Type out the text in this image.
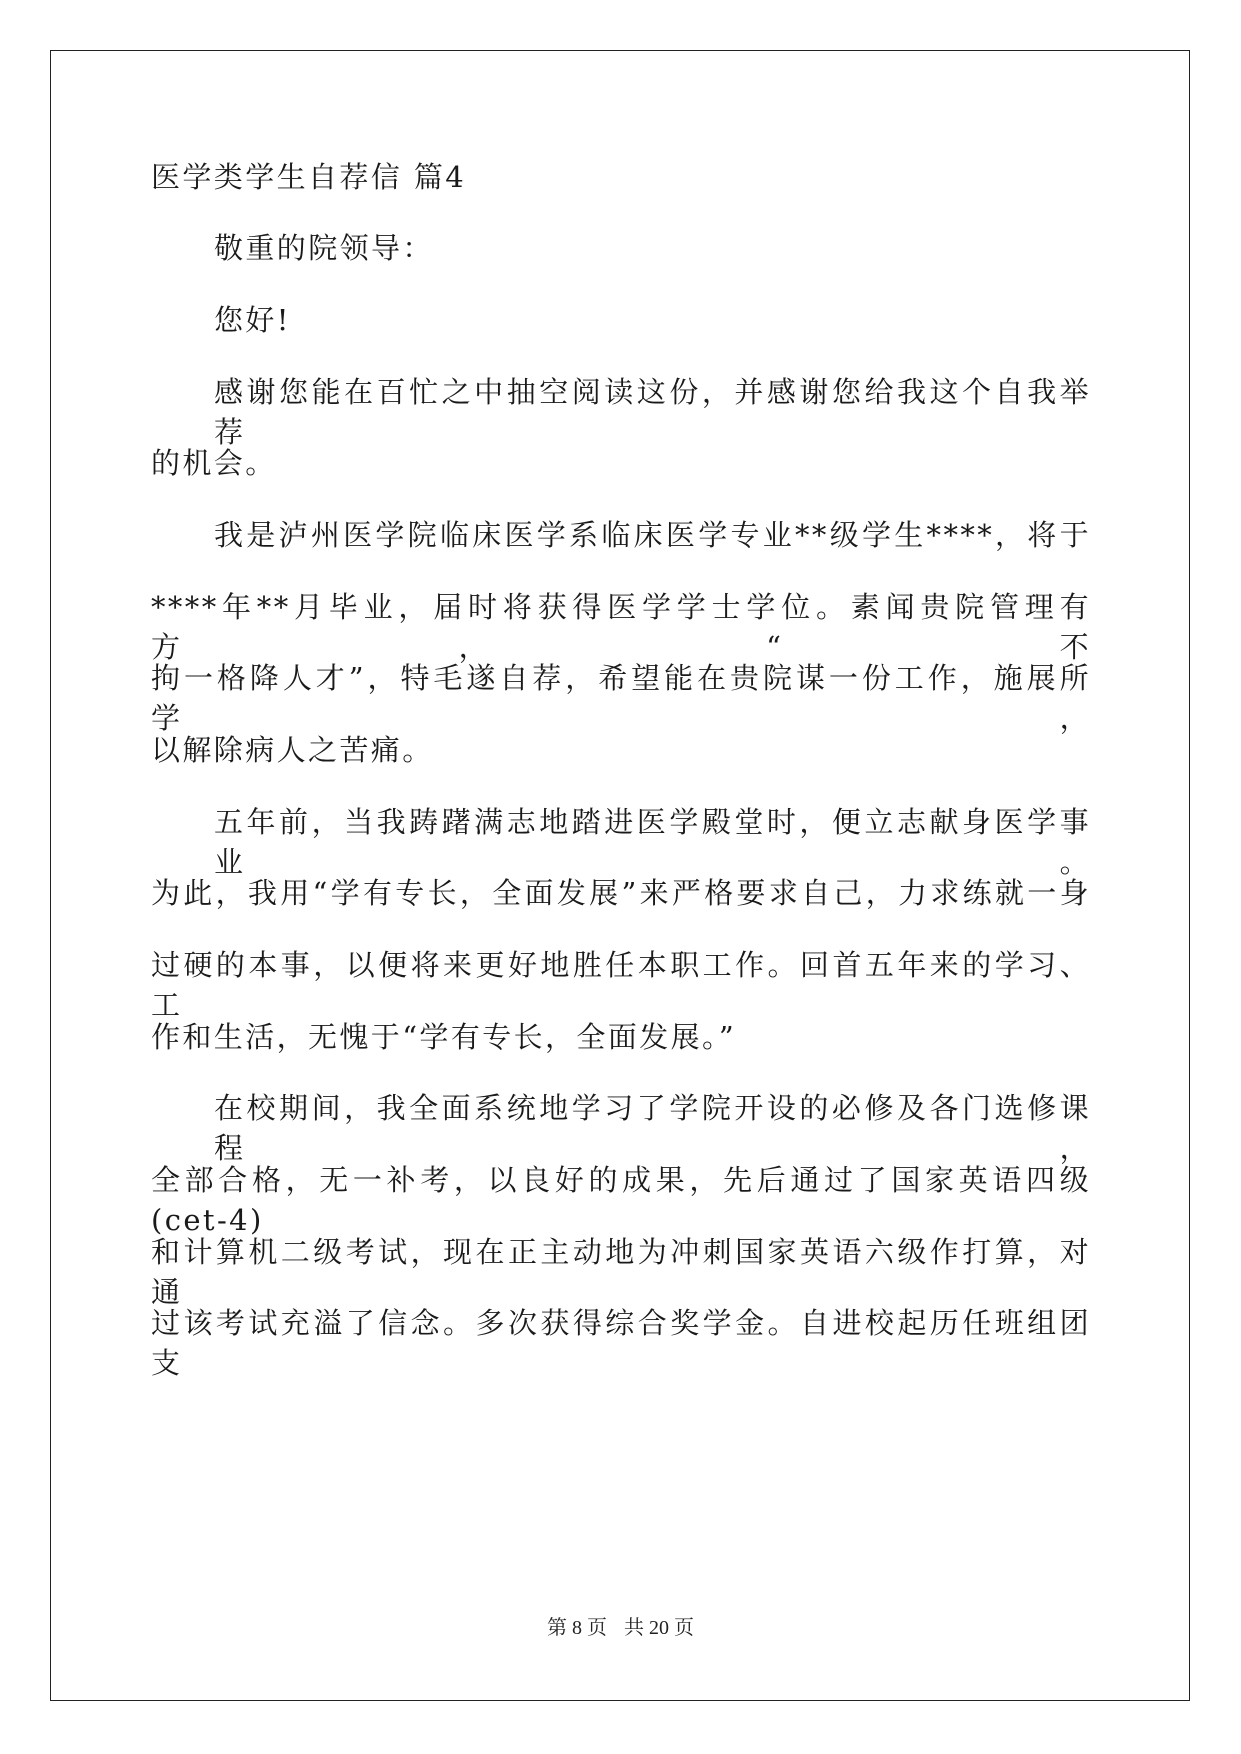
医学类学生自荐信 篇4
敬重的院领导：
您好!
感谢您能在百忙之中抽空阅读这份，并感谢您给我这个自我举荐
的机会。
我是泸州医学院临床医学系临床医学专业**级学生****，将于
****年**月毕业，届时将获得医学学士学位。素闻贵院管理有方，“不
拘一格降人才”，特毛遂自荐，希望能在贵院谋一份工作，施展所学，
以解除病人之苦痛。
五年前，当我踌躇满志地踏进医学殿堂时，便立志献身医学事业。
为此，我用“学有专长，全面发展”来严格要求自己，力求练就一身
过硬的本事，以便将来更好地胜任本职工作。回首五年来的学习、工
作和生活，无愧于“学有专长，全面发展。”
在校期间，我全面系统地学习了学院开设的必修及各门选修课程，
全部合格，无一补考，以良好的成果，先后通过了国家英语四级(cet-4)
和计算机二级考试，现在正主动地为冲刺国家英语六级作打算，对通
过该考试充溢了信念。多次获得综合奖学金。自进校起历任班组团支
第 8 页 共 20 页
